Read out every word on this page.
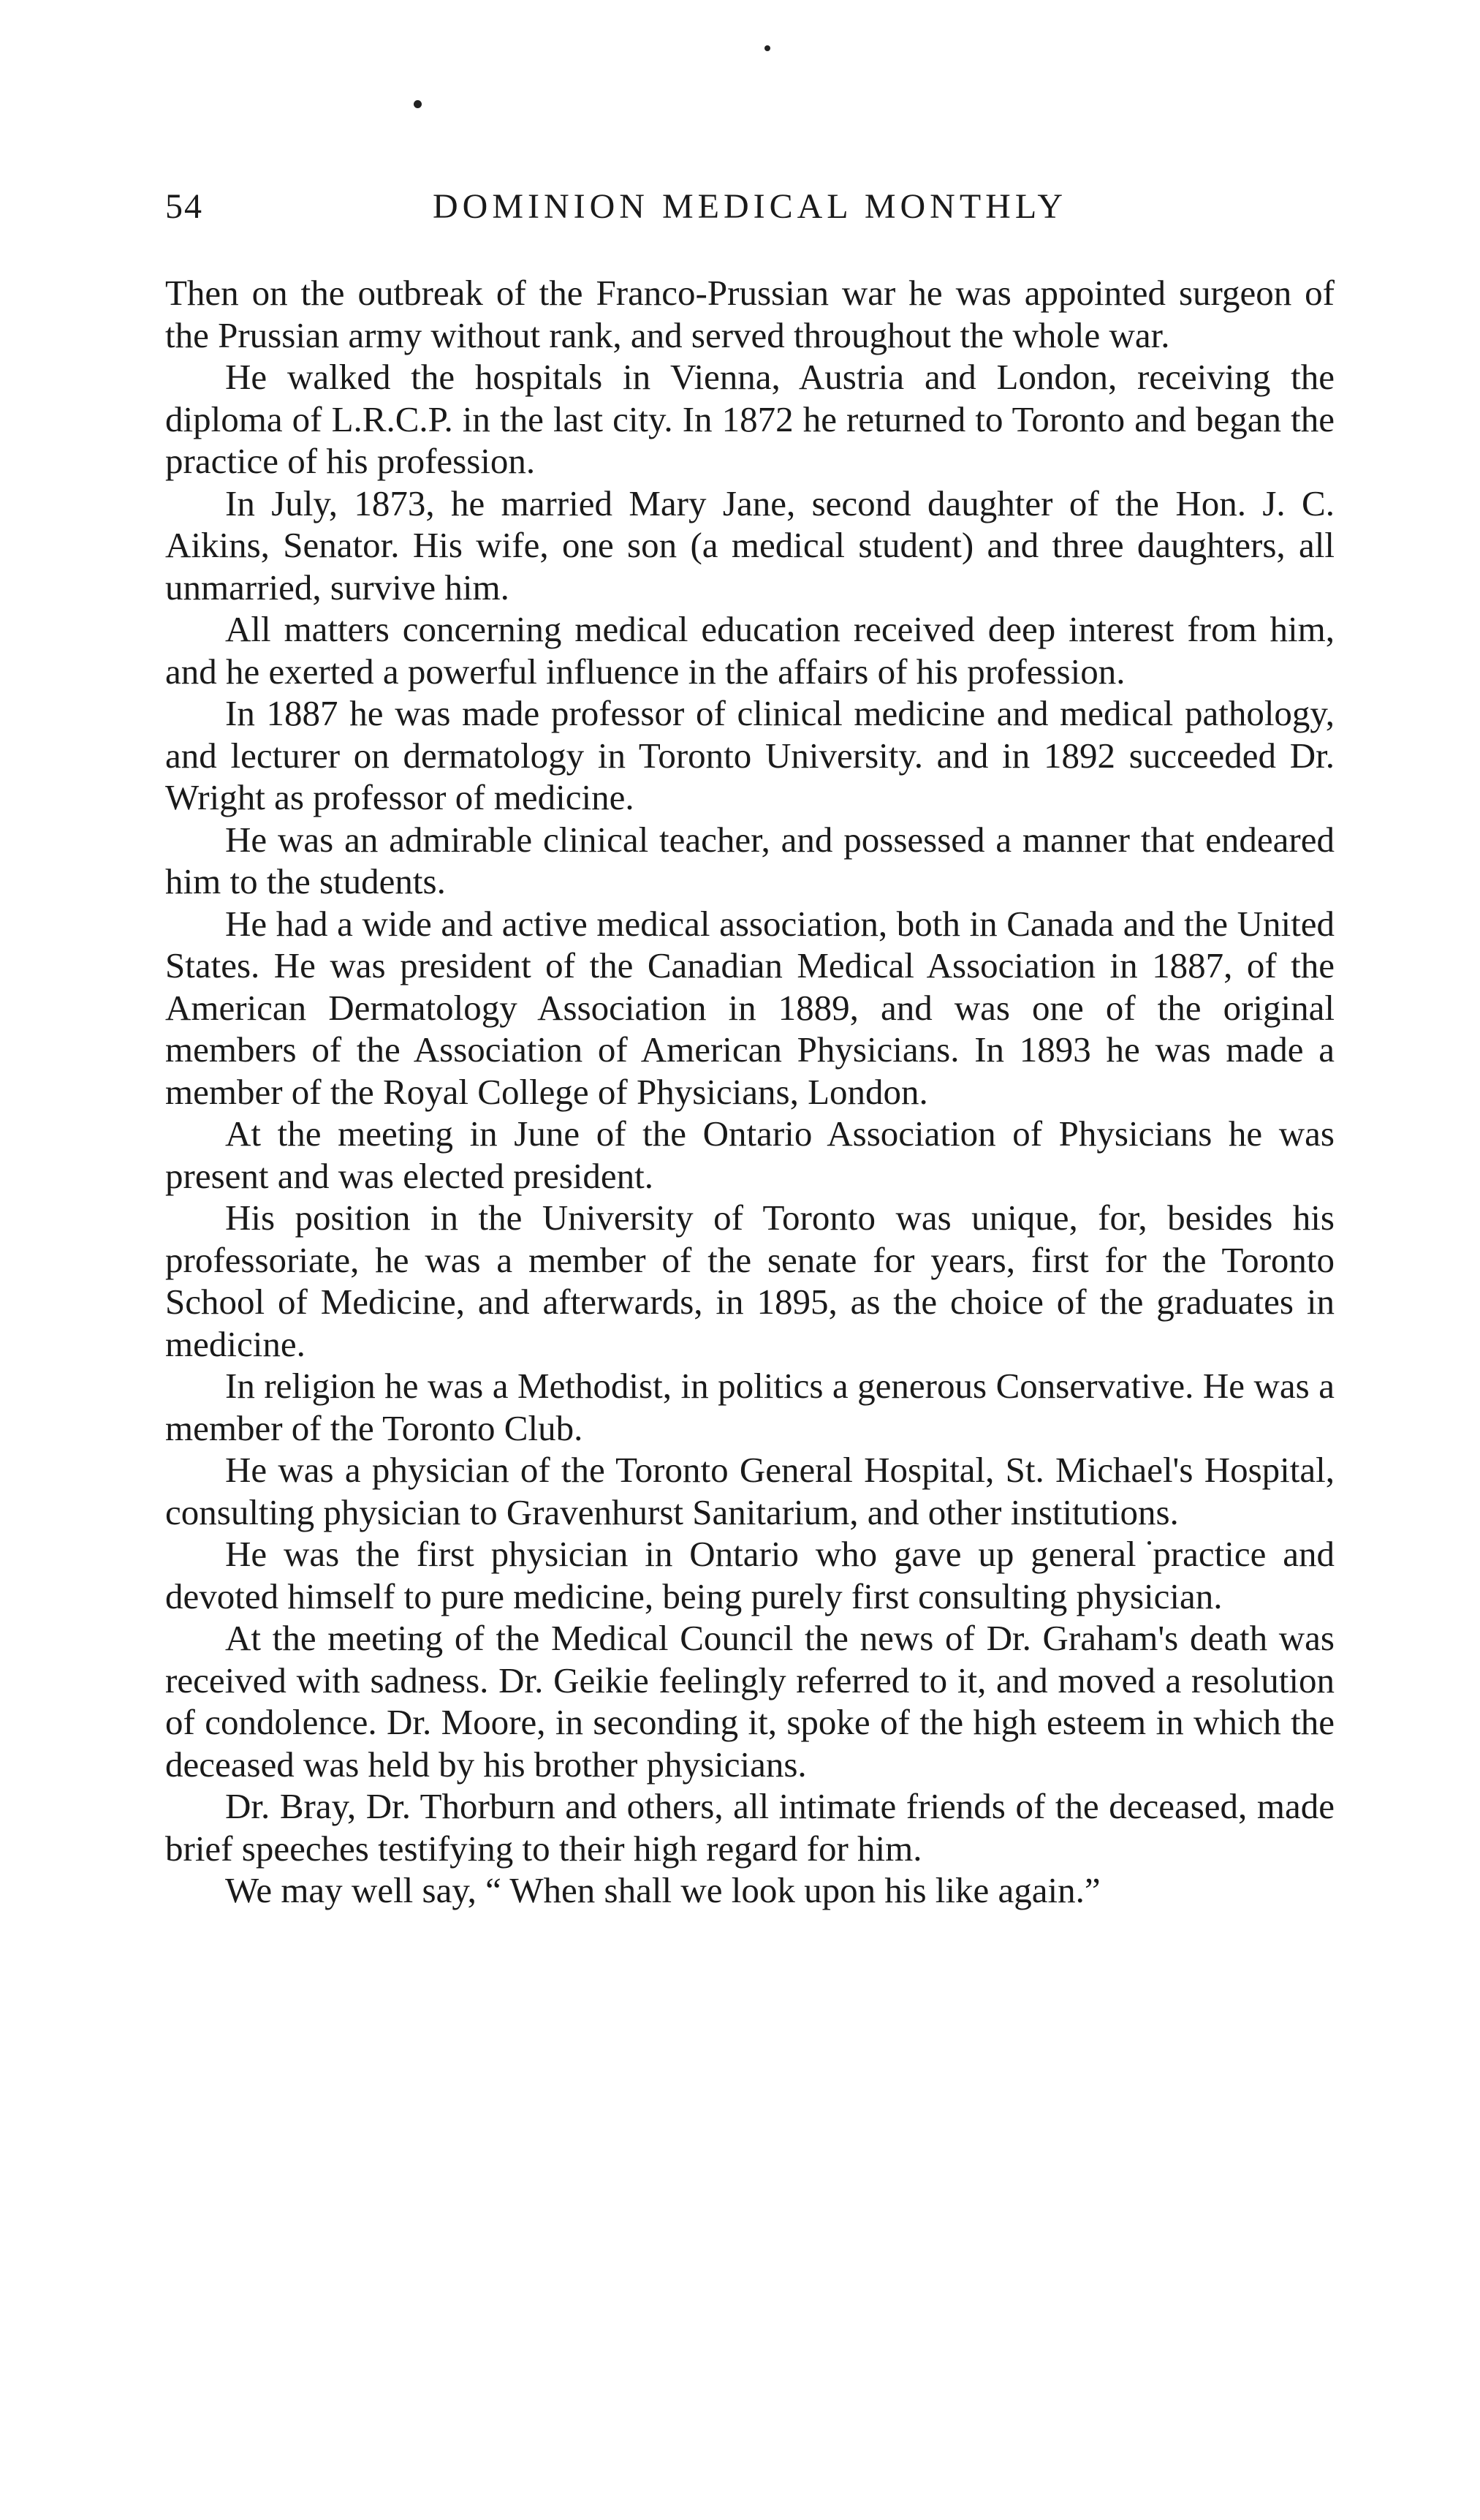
54	DOMINION MEDICAL MONTHLY

Then on the outbreak of the Franco-Prussian war he was appointed surgeon of the Prussian army without rank, and served throughout the whole war.

He walked the hospitals in Vienna, Austria and London, receiving the diploma of L.R.C.P. in the last city. In 1872 he returned to Toronto and began the practice of his profession.

In July, 1873, he married Mary Jane, second daughter of the Hon. J. C. Aikins, Senator. His wife, one son (a medical student) and three daughters, all unmarried, survive him.

All matters concerning medical education received deep interest from him, and he exerted a powerful influence in the affairs of his profession.

In 1887 he was made professor of clinical medicine and medical pathology, and lecturer on dermatology in Toronto University. and in 1892 succeeded Dr. Wright as professor of medicine.

He was an admirable clinical teacher, and possessed a manner that endeared him to the students.

He had a wide and active medical association, both in Canada and the United States. He was president of the Canadian Medical Association in 1887, of the American Dermatology Association in 1889, and was one of the original members of the Association of American Physicians. In 1893 he was made a member of the Royal College of Physicians, London.

At the meeting in June of the Ontario Association of Physicians he was present and was elected president.

His position in the University of Toronto was unique, for, besides his professoriate, he was a member of the senate for years, first for the Toronto School of Medicine, and afterwards, in 1895, as the choice of the graduates in medicine.

In religion he was a Methodist, in politics a generous Conservative. He was a member of the Toronto Club.

He was a physician of the Toronto General Hospital, St. Michael's Hospital, consulting physician to Gravenhurst Sanitarium, and other institutions.

He was the first physician in Ontario who gave up general practice and devoted himself to pure medicine, being purely first consulting physician.

At the meeting of the Medical Council the news of Dr. Graham's death was received with sadness. Dr. Geikie feelingly referred to it, and moved a resolution of condolence. Dr. Moore, in seconding it, spoke of the high esteem in which the deceased was held by his brother physicians.

Dr. Bray, Dr. Thorburn and others, all intimate friends of the deceased, made brief speeches testifying to their high regard for him.

We may well say, “ When shall we look upon his like again.”
